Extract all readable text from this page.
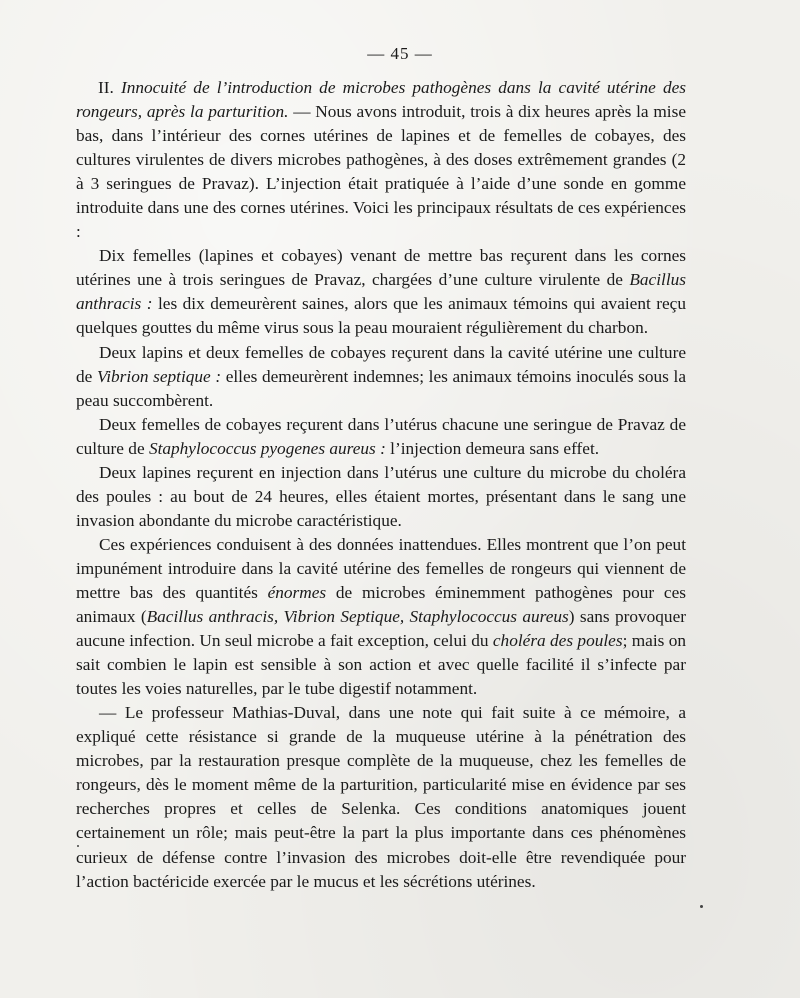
— 45 —

II. Innocuité de l’introduction de microbes pathogènes dans la cavité utérine des rongeurs, après la parturition. — Nous avons introduit, trois à dix heures après la mise bas, dans l’intérieur des cornes utérines de lapines et de femelles de cobayes, des cultures virulentes de divers microbes pathogènes, à des doses extrêmement grandes (2 à 3 seringues de Pravaz). L’injection était pratiquée à l’aide d’une sonde en gomme introduite dans une des cornes utérines. Voici les principaux résultats de ces expériences :

Dix femelles (lapines et cobayes) venant de mettre bas reçurent dans les cornes utérines une à trois seringues de Pravaz, chargées d’une culture virulente de Bacillus anthracis : les dix demeurèrent saines, alors que les animaux témoins qui avaient reçu quelques gouttes du même virus sous la peau mouraient régulièrement du charbon.

Deux lapins et deux femelles de cobayes reçurent dans la cavité utérine une culture de Vibrion septique : elles demeurèrent indemnes; les animaux témoins inoculés sous la peau succombèrent.

Deux femelles de cobayes reçurent dans l’utérus chacune une seringue de Pravaz de culture de Staphylococcus pyogenes aureus : l’injection demeura sans effet.

Deux lapines reçurent en injection dans l’utérus une culture du microbe du choléra des poules : au bout de 24 heures, elles étaient mortes, présentant dans le sang une invasion abondante du microbe caractéristique.

Ces expériences conduisent à des données inattendues. Elles montrent que l’on peut impunément introduire dans la cavité utérine des femelles de rongeurs qui viennent de mettre bas des quantités énormes de microbes éminemment pathogènes pour ces animaux (Bacillus anthracis, Vibrion Septique, Staphylococcus aureus) sans provoquer aucune infection. Un seul microbe a fait exception, celui du choléra des poules; mais on sait combien le lapin est sensible à son action et avec quelle facilité il s’infecte par toutes les voies naturelles, par le tube digestif notamment.

— Le professeur Mathias-Duval, dans une note qui fait suite à ce mémoire, a expliqué cette résistance si grande de la muqueuse utérine à la pénétration des microbes, par la restauration presque complète de la muqueuse, chez les femelles de rongeurs, dès le moment même de la parturition, particularité mise en évidence par ses recherches propres et celles de Selenka. Ces conditions anatomiques jouent certainement un rôle; mais peut-être la part la plus importante dans ces phénomènes curieux de défense contre l’invasion des microbes doit-elle être revendiquée pour l’action bactéricide exercée par le mucus et les sécrétions utérines.
